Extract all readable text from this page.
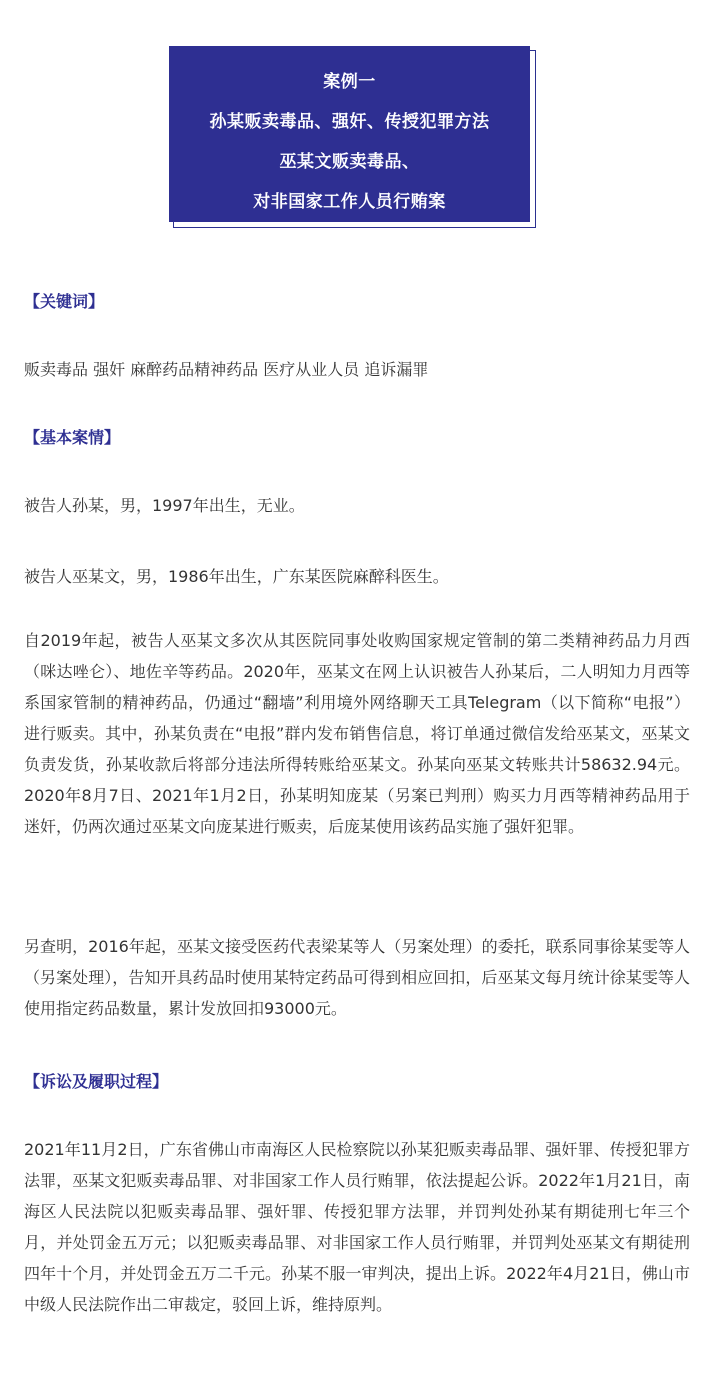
案例一
孙某贩卖毒品、强奸、传授犯罪方法
巫某文贩卖毒品、
对非国家工作人员行贿案
【关键词】

贩卖毒品 强奸 麻醉药品精神药品 医疗从业人员 追诉漏罪

【基本案情】

被告人孙某，男，1997年出生，无业。

被告人巫某文，男，1986年出生，广东某医院麻醉科医生。

自2019年起，被告人巫某文多次从其医院同事处收购国家规定管制的第二类精神药品力月西（咪达唑仑）、地佐辛等药品。2020年，巫某文在网上认识被告人孙某后，二人明知力月西等系国家管制的精神药品，仍通过“翻墙”利用境外网络聊天工具Telegram（以下简称“电报”）进行贩卖。其中，孙某负责在“电报”群内发布销售信息，将订单通过微信发给巫某文，巫某文负责发货，孙某收款后将部分违法所得转账给巫某文。孙某向巫某文转账共计58632.94元。2020年8月7日、2021年1月2日，孙某明知庞某（另案已判刑）购买力月西等精神药品用于迷奸，仍两次通过巫某文向庞某进行贩卖，后庞某使用该药品实施了强奸犯罪。

另查明，2016年起，巫某文接受医药代表梁某等人（另案处理）的委托，联系同事徐某雯等人（另案处理），告知开具药品时使用某特定药品可得到相应回扣，后巫某文每月统计徐某雯等人使用指定药品数量，累计发放回扣93000元。

【诉讼及履职过程】

2021年11月2日，广东省佛山市南海区人民检察院以孙某犯贩卖毒品罪、强奸罪、传授犯罪方法罪，巫某文犯贩卖毒品罪、对非国家工作人员行贿罪，依法提起公诉。2022年1月21日，南海区人民法院以犯贩卖毒品罪、强奸罪、传授犯罪方法罪，并罚判处孙某有期徒刑七年三个月，并处罚金五万元；以犯贩卖毒品罪、对非国家工作人员行贿罪，并罚判处巫某文有期徒刑四年十个月，并处罚金五万二千元。孙某不服一审判决，提出上诉。2022年4月21日，佛山市中级人民法院作出二审裁定，驳回上诉，维持原判。
